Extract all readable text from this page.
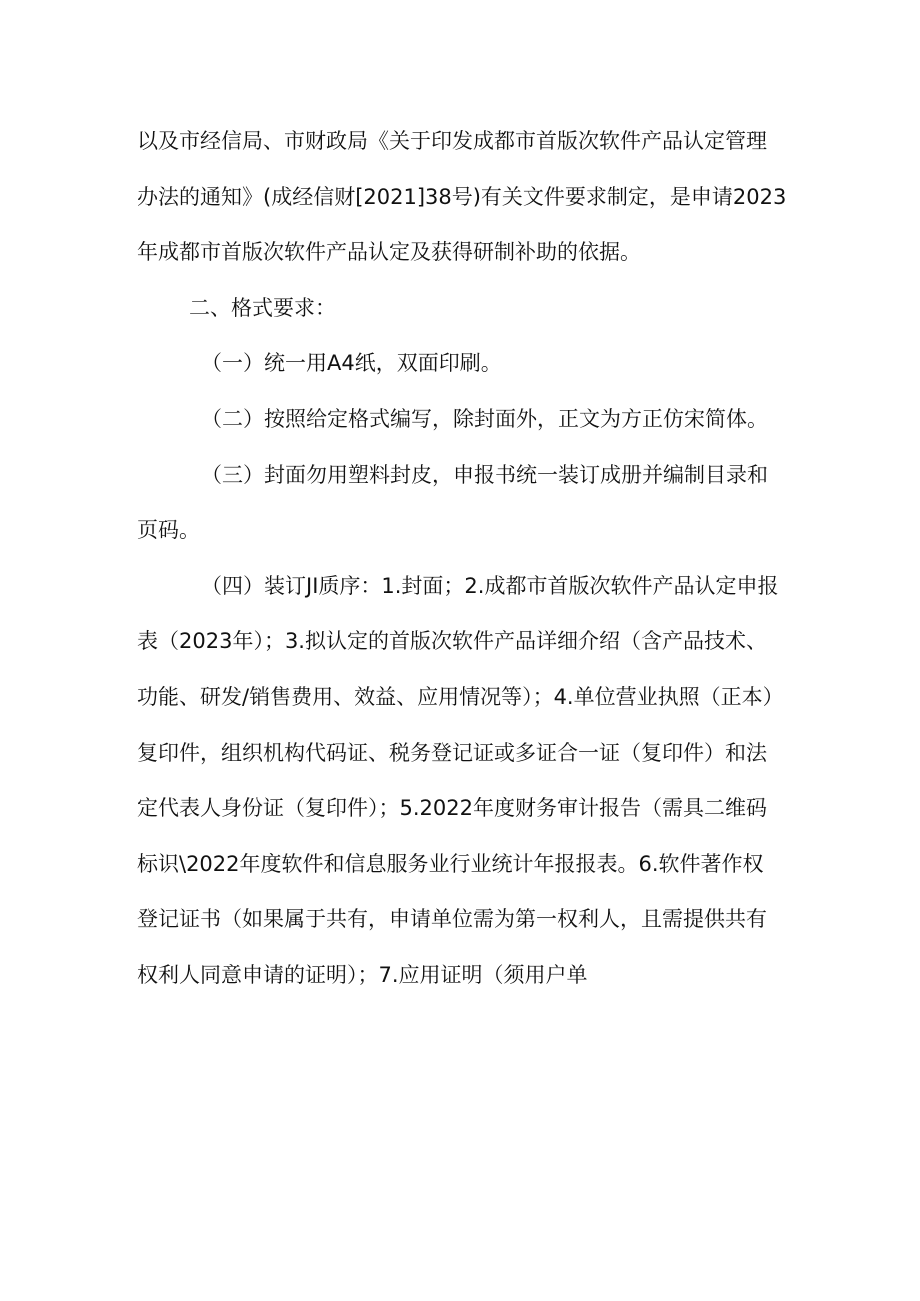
以及市经信局、市财政局《关于印发成都市首版次软件产品认定管理
办法的通知》(成经信财[2021]38号)有关文件要求制定，是申请2023
年成都市首版次软件产品认定及获得研制补助的依据。
二、格式要求：
（一）统一用A4纸，双面印刷。
（二）按照给定格式编写，除封面外，正文为方正仿宋简体。
（三）封面勿用塑料封皮，申报书统一装订成册并编制目录和
页码。
（四）装订JI质序：1.封面；2.成都市首版次软件产品认定申报
表（2023年）；3.拟认定的首版次软件产品详细介绍（含产品技术、
功能、研发/销售费用、效益、应用情况等）；4.单位营业执照（正本）
复印件，组织机构代码证、税务登记证或多证合一证（复印件）和法
定代表人身份证（复印件）；5.2022年度财务审计报告（需具二维码
标识\2022年度软件和信息服务业行业统计年报报表。6.软件著作权
登记证书（如果属于共有，申请单位需为第一权利人，且需提供共有
权利人同意申请的证明）；7.应用证明（须用户单
